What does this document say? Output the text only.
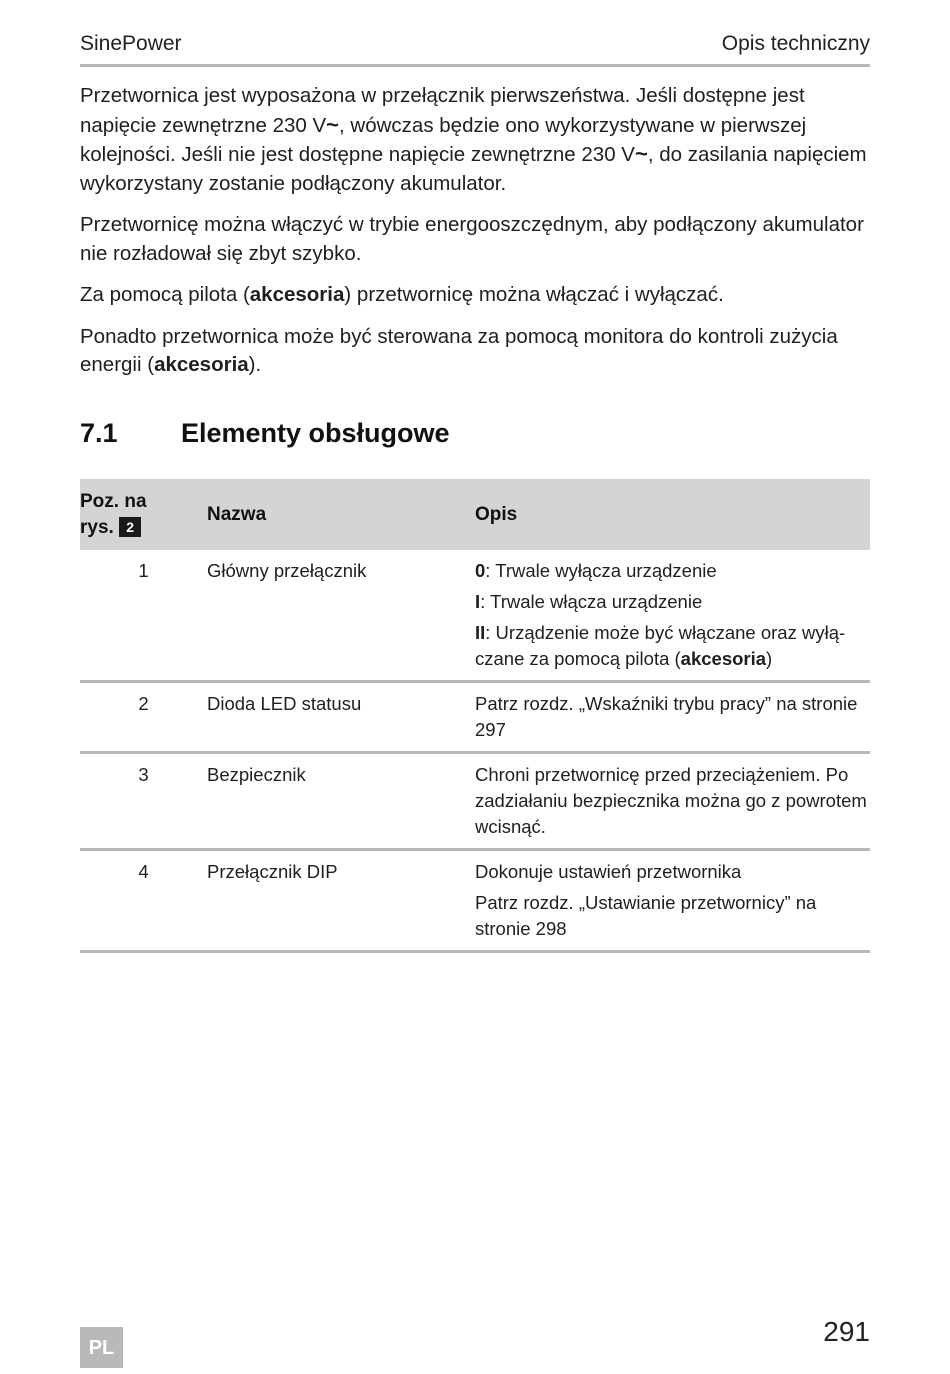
SinePower	Opis techniczny

Przetwornica jest wyposażona w przełącznik pierwszeństwa. Jeśli dostępne jest napięcie zewnętrzne 230 V~, wówczas będzie ono wykorzystywane w pierwszej kolejności. Jeśli nie jest dostępne napięcie zewnętrzne 230 V~, do zasilania napięciem wykorzystany zostanie podłączony akumulator.

Przetwornicę można włączyć w trybie energooszczędnym, aby podłączony akumulator nie rozładował się zbyt szybko.

Za pomocą pilota (akcesoria) przetwornicę można włączać i wyłączać.

Ponadto przetwornica może być sterowana za pomocą monitora do kontroli zużycia energii (akcesoria).

7.1 Elementy obsługowe
Poz. na
rys. 2	Nazwa	Opis
1	Główny przełącznik	0: Trwale wyłącza urządzenie
I: Trwale włącza urządzenie
II: Urządzenie może być włączane oraz wyłączane za pomocą pilota (akcesoria)

2	Dioda LED statusu	Patrz rozdz. „Wskaźniki trybu pracy” na stronie 297

3	Bezpiecznik	Chroni przetwornicę przed przeciążeniem. Po zadziałaniu bezpiecznika można go z powrotem wcisnąć.

4	Przełącznik DIP	Dokonuje ustawień przetwornika
Patrz rozdz. „Ustawianie przetwornicy” na stronie 298
PL
291
